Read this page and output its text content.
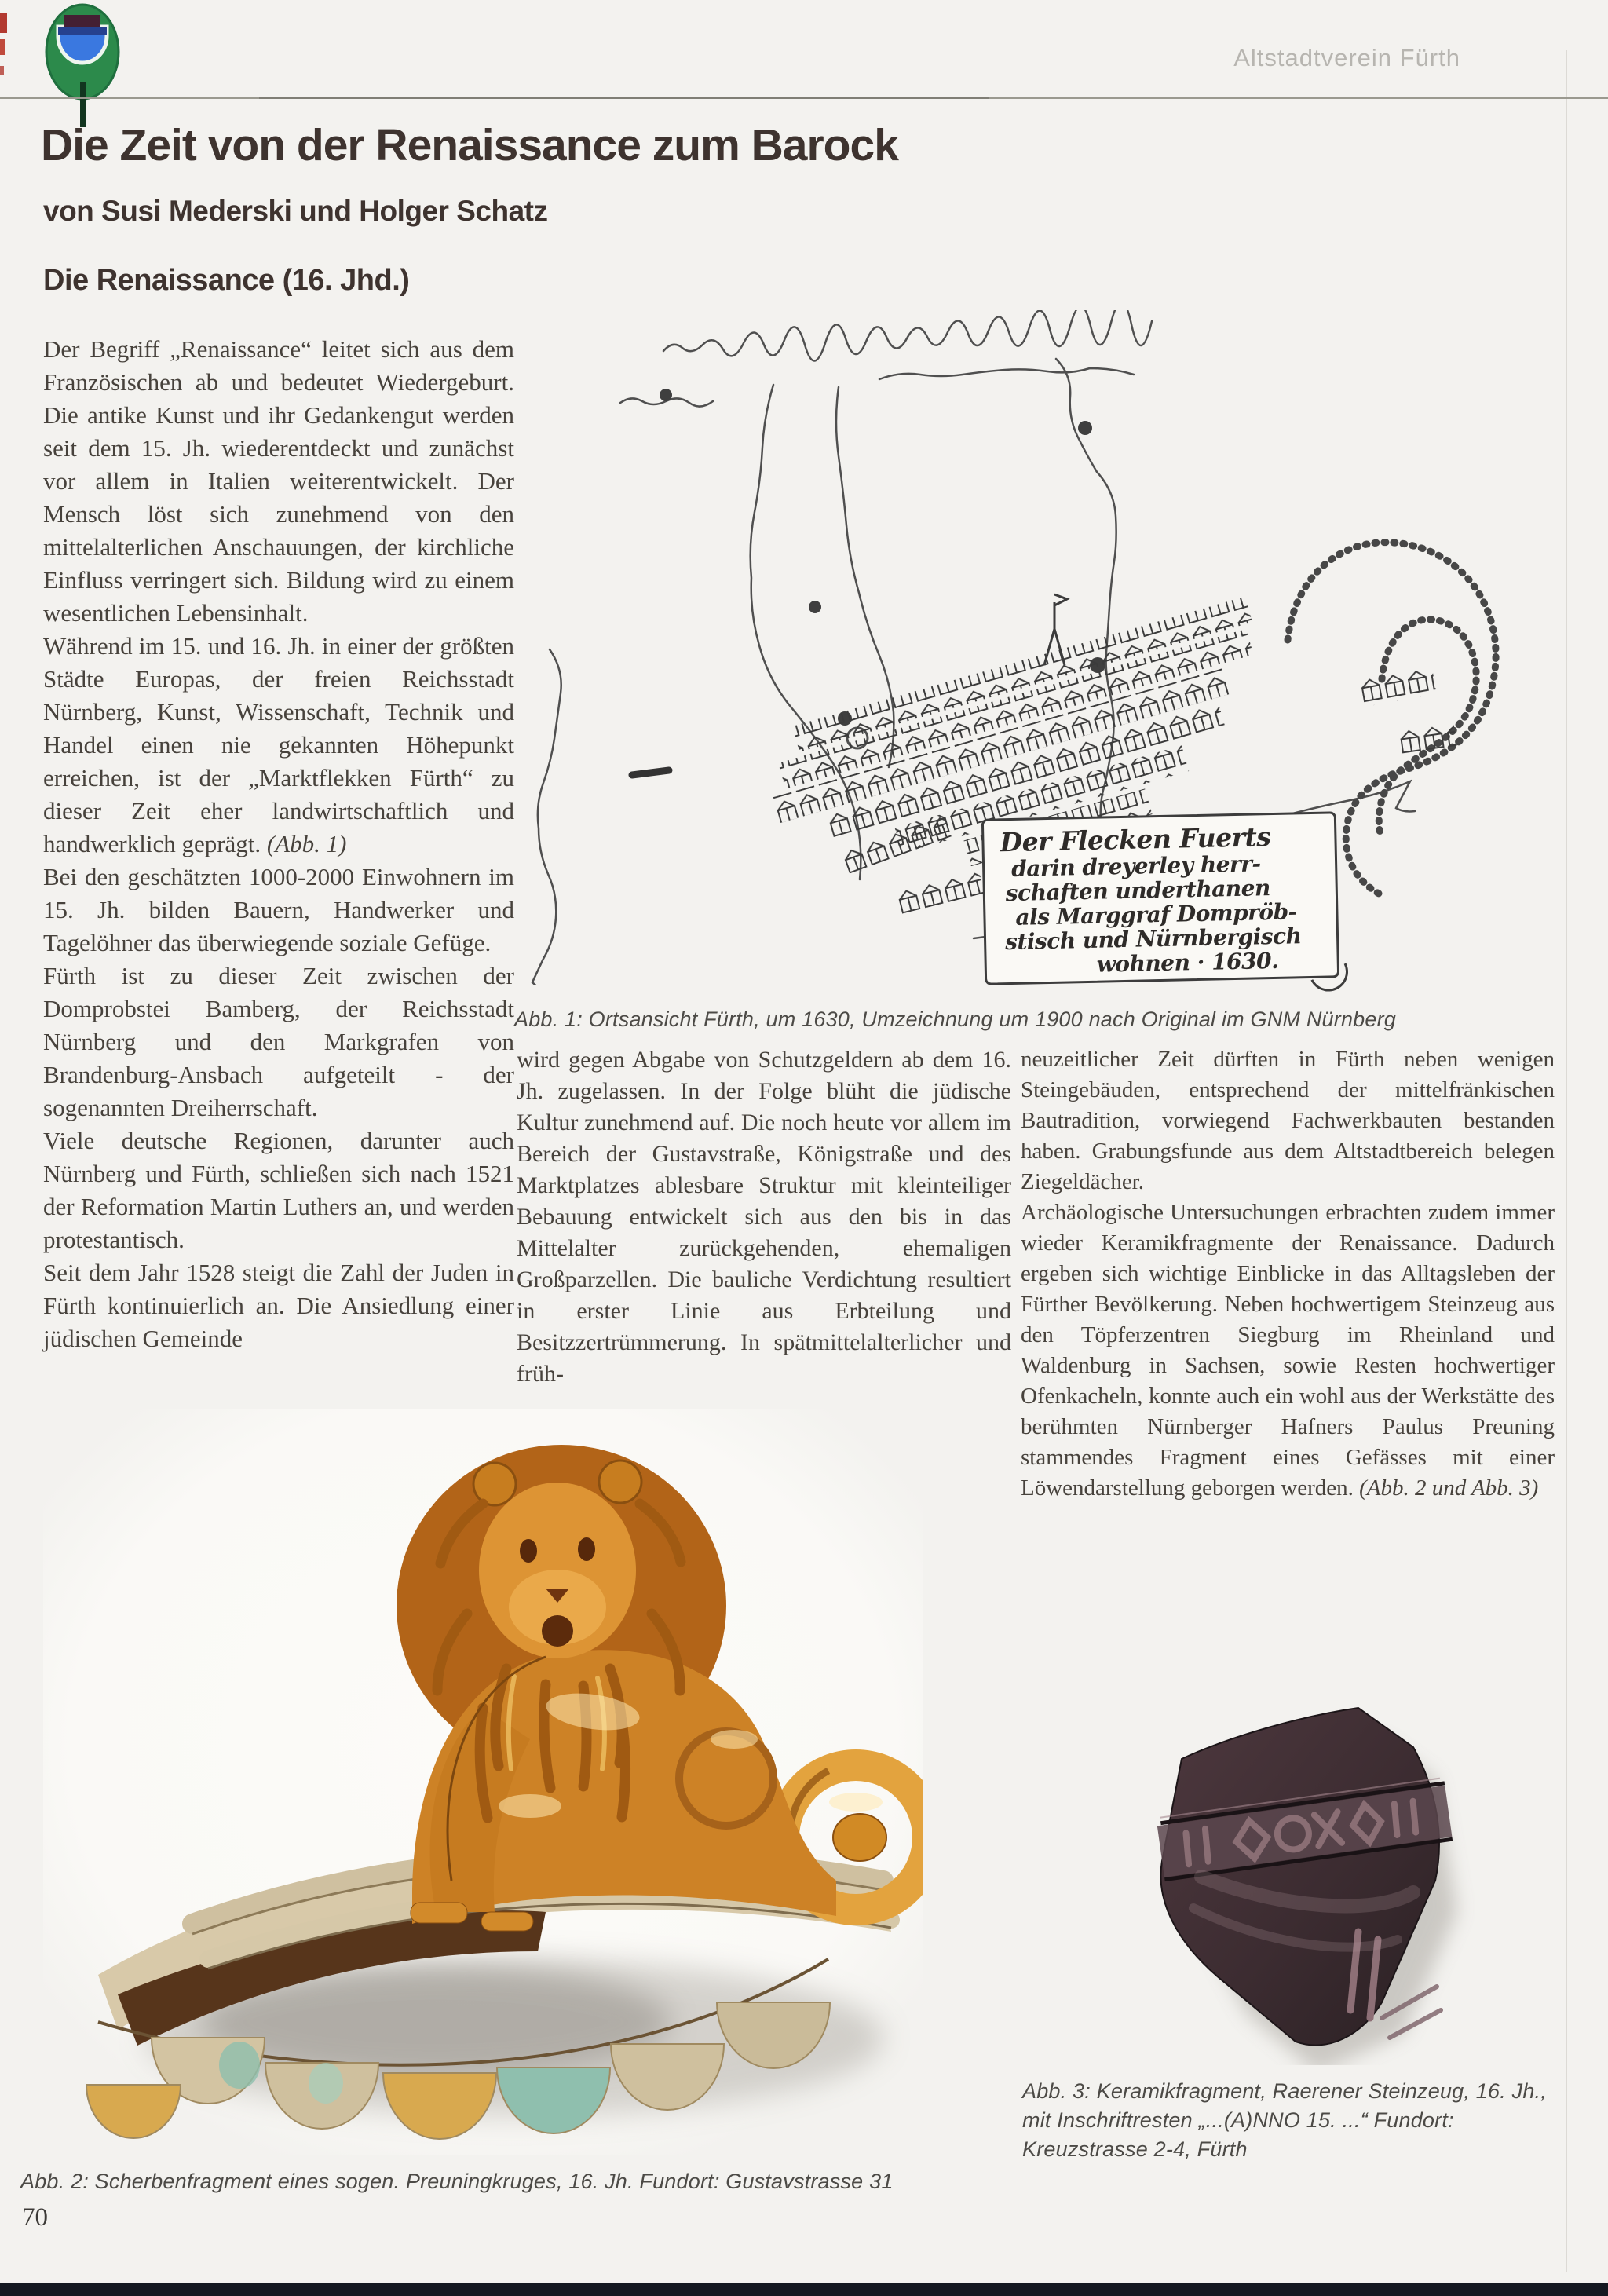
Altstadtverein Fürth
Die Zeit von der Renaissance zum Barock
von Susi Mederski und Holger Schatz
Die Renaissance (16. Jhd.)

Der Begriff „Renaissance“ leitet sich aus dem Französischen ab und bedeutet Wiedergeburt. Die antike Kunst und ihr Gedankengut werden seit dem 15. Jh. wiederentdeckt und zunächst vor allem in Italien weiterentwickelt. Der Mensch löst sich zunehmend von den mittelalterlichen Anschauungen, der kirchliche Einfluss verringert sich. Bildung wird zu einem wesentlichen Lebensinhalt.

Während im 15. und 16. Jh. in einer der größten Städte Europas, der freien Reichsstadt Nürnberg, Kunst, Wissenschaft, Technik und Handel einen nie gekannten Höhepunkt erreichen, ist der „Marktflekken Fürth“ zu dieser Zeit eher landwirtschaftlich und handwerklich geprägt. (Abb. 1)

Bei den geschätzten 1000-2000 Einwohnern im 15. Jh. bilden Bauern, Handwerker und Tagelöhner das überwiegende soziale Gefüge.

Fürth ist zu dieser Zeit zwischen der Domprobstei Bamberg, der Reichsstadt Nürnberg und den Markgrafen von Brandenburg-Ansbach aufgeteilt - der sogenannten Dreiherrschaft.

Viele deutsche Regionen, darunter auch Nürnberg und Fürth, schließen sich nach 1521 der Reformation Martin Luthers an, und werden protestantisch.

Seit dem Jahr 1528 steigt die Zahl der Juden in Fürth kontinuierlich an. Die Ansiedlung einer jüdischen Gemeinde

Der Flecken Fuerts
darin dreyerley herr-
schaften underthanen
als Marggraf Dompröb-
stisch und Nürnbergisch
wohnen · 1630.
Abb. 1: Ortsansicht Fürth, um 1630, Umzeichnung um 1900 nach Original im GNM Nürnberg

wird gegen Abgabe von Schutzgeldern ab dem 16. Jh. zugelassen. In der Folge blüht die jüdische Kultur zunehmend auf. Die noch heute vor allem im Bereich der Gustavstraße, Königstraße und des Marktplatzes ablesbare Struktur mit kleinteiliger Bebauung entwickelt sich aus den bis in das Mittelalter zurückgehenden, ehemaligen Großparzellen. Die bauliche Verdichtung resultiert in erster Linie aus Erbteilung und Besitzzertrümmerung. In spätmittelalterlicher und früh-

neuzeitlicher Zeit dürften in Fürth neben wenigen Steingebäuden, entsprechend der mittelfränkischen Bautradition, vorwiegend Fachwerkbauten bestanden haben. Grabungsfunde aus dem Altstadtbereich belegen Ziegeldächer.

Archäologische Untersuchungen erbrachten zudem immer wieder Keramikfragmente der Renaissance. Dadurch ergeben sich wichtige Einblicke in das Alltagsleben der Fürther Bevölkerung. Neben hochwertigem Steinzeug aus den Töpferzentren Siegburg im Rheinland und Waldenburg in Sachsen, sowie Resten hochwertiger Ofenkacheln, konnte auch ein wohl aus der Werkstätte des berühmten Nürnberger Hafners Paulus Preuning stammendes Fragment eines Gefässes mit einer Löwendarstellung geborgen werden. (Abb. 2 und Abb. 3)

Abb. 2: Scherbenfragment eines sogen. Preuningkruges, 16. Jh. Fundort: Gustavstrasse 31
70
Abb. 3: Keramikfragment, Raerener Steinzeug, 16. Jh., mit Inschriftresten „...(A)NNO 15. ...“ Fundort: Kreuzstrasse 2-4, Fürth
